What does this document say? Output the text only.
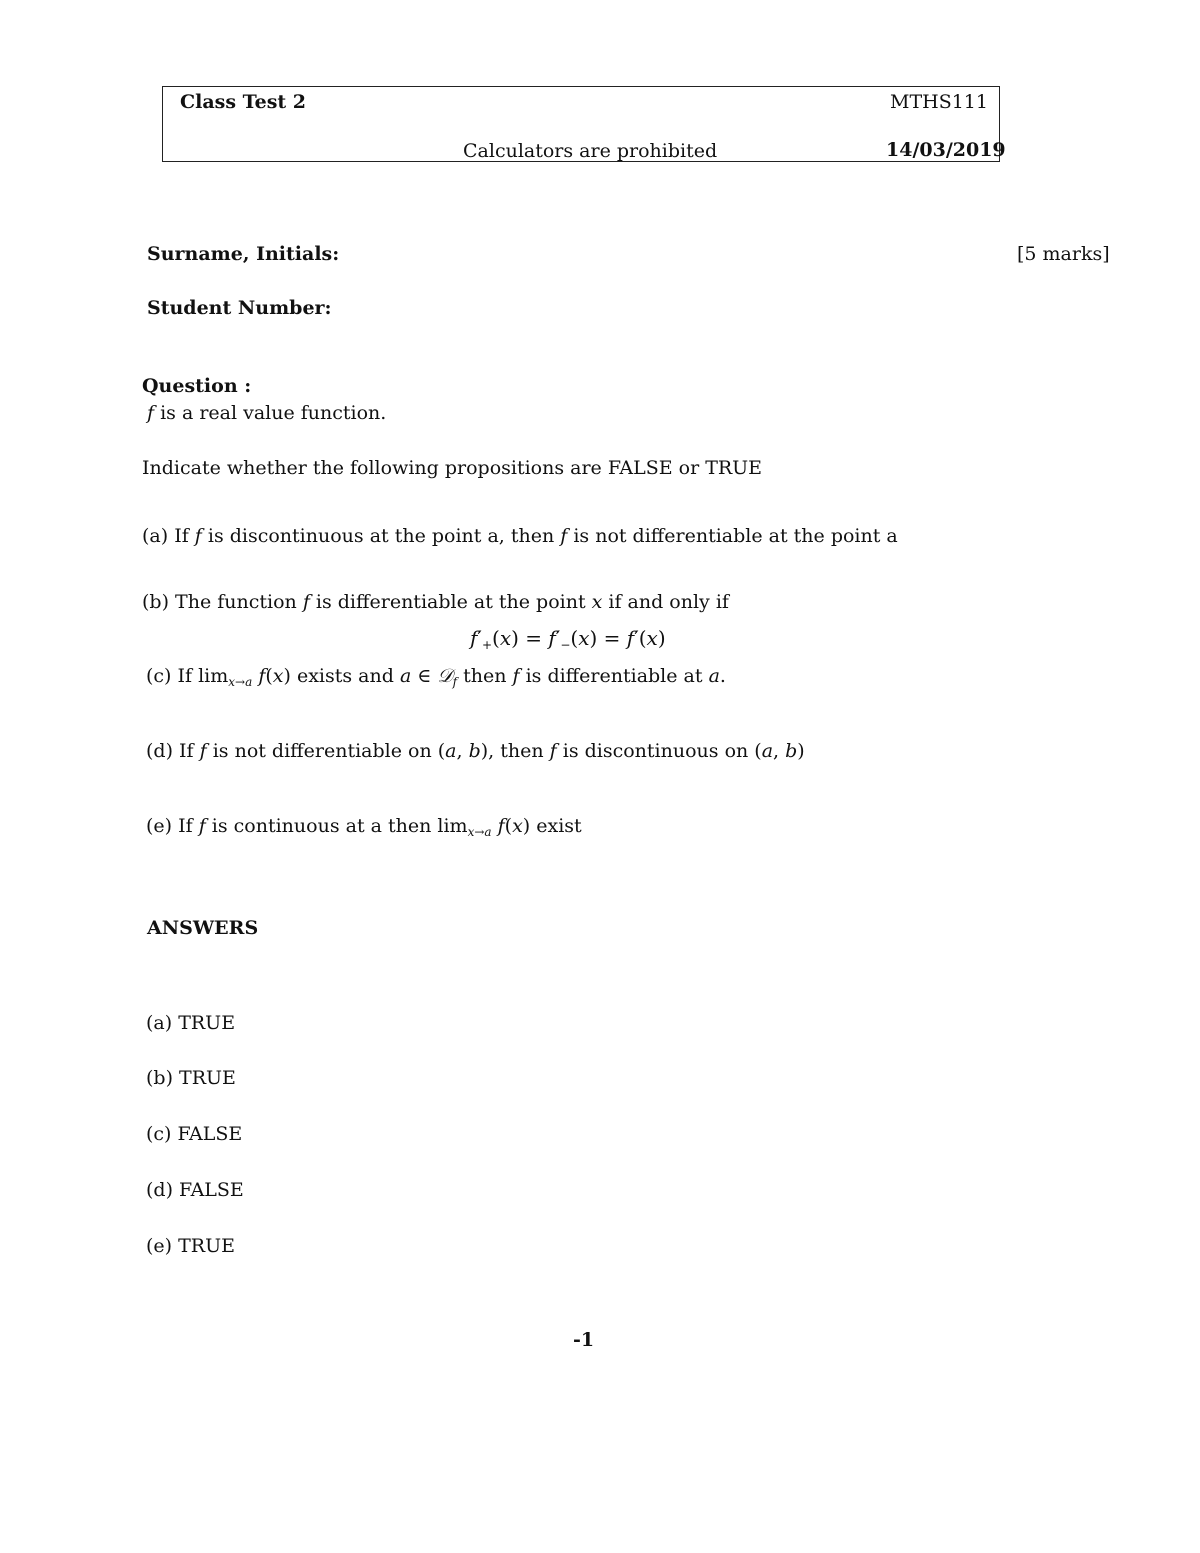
Class Test 2	MTHS111
Calculators are prohibited	14/03/2019
Surname, Initials:	[5 marks]
Student Number:
Question :
f is a real value function.
Indicate whether the following propositions are FALSE or TRUE
(a) If f is discontinuous at the point a, then f is not differentiable at the point a
(b) The function f is differentiable at the point x if and only if
$f'_+(x) = f'_-(x) = f'(x)$
(c) If $\lim_{x\to a} f(x)$ exists and a ∈ 𝒟$_f$ then f is differentiable at a.
(d) If f is not differentiable on (a, b), then f is discontinuous on (a, b)
(e) If f is continuous at a then $\lim_{x\to a} f(x)$ exist
ANSWERS
(a) TRUE
(b) TRUE
(c) FALSE
(d) FALSE
(e) TRUE
-1
